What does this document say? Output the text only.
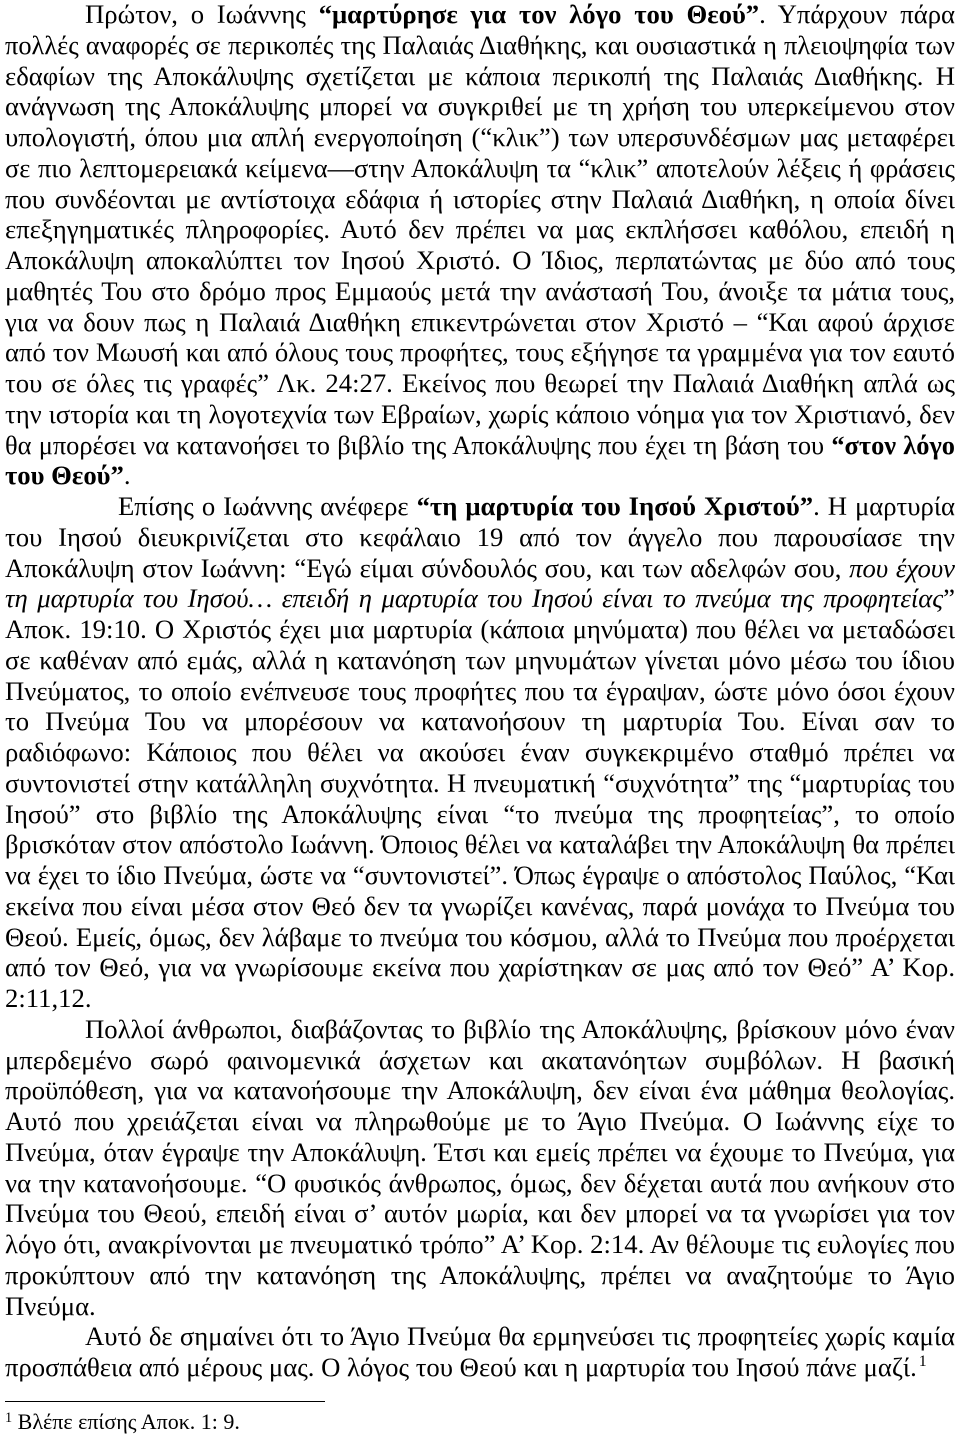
Πρώτον, ο Ιωάννης “μαρτύρησε για τον λόγο του Θεού”. Υπάρχουν πάρα
πολλές αναφορές σε περικοπές της Παλαιάς Διαθήκης, και ουσιαστικά η πλειοψηφία των
εδαφίων της Αποκάλυψης σχετίζεται με κάποια περικοπή της Παλαιάς Διαθήκης. Η
ανάγνωση της Αποκάλυψης μπορεί να συγκριθεί με τη χρήση του υπερκείμενου στον
υπολογιστή, όπου μια απλή ενεργοποίηση (“κλικ”) των υπερσυνδέσμων μας μεταφέρει
σε πιο λεπτομερειακά κείμενα—στην Αποκάλυψη τα “κλικ” αποτελούν λέξεις ή φράσεις
που συνδέονται με αντίστοιχα εδάφια ή ιστορίες στην Παλαιά Διαθήκη, η οποία δίνει
επεξηγηματικές πληροφορίες. Αυτό δεν πρέπει να μας εκπλήσσει καθόλου, επειδή η
Αποκάλυψη αποκαλύπτει τον Ιησού Χριστό. Ο Ίδιος, περπατώντας με δύο από τους
μαθητές Του στο δρόμο προς Εμμαούς μετά την ανάστασή Του, άνοιξε τα μάτια τους,
για να δουν πως η Παλαιά Διαθήκη επικεντρώνεται στον Χριστό – “Και αφού άρχισε
από τον Μωυσή και από όλους τους προφήτες, τους εξήγησε τα γραμμένα για τον εαυτό
του σε όλες τις γραφές” Λκ. 24:27. Εκείνος που θεωρεί την Παλαιά Διαθήκη απλά ως
την ιστορία και τη λογοτεχνία των Εβραίων, χωρίς κάποιο νόημα για τον Χριστιανό, δεν
θα μπορέσει να κατανοήσει το βιβλίο της Αποκάλυψης που έχει τη βάση του “στον λόγο
του Θεού”.
Επίσης ο Ιωάννης ανέφερε “τη μαρτυρία του Ιησού Χριστού”. Η μαρτυρία
του Ιησού διευκρινίζεται στο κεφάλαιο 19 από τον άγγελο που παρουσίασε την
Αποκάλυψη στον Ιωάννη: “Εγώ είμαι σύνδουλός σου, και των αδελφών σου, που έχουν
τη μαρτυρία του Ιησού… επειδή η μαρτυρία του Ιησού είναι το πνεύμα της προφητείας”
Αποκ. 19:10. Ο Χριστός έχει μια μαρτυρία (κάποια μηνύματα) που θέλει να μεταδώσει
σε καθέναν από εμάς, αλλά η κατανόηση των μηνυμάτων γίνεται μόνο μέσω του ίδιου
Πνεύματος, το οποίο ενέπνευσε τους προφήτες που τα έγραψαν, ώστε μόνο όσοι έχουν
το Πνεύμα Του να μπορέσουν να κατανοήσουν τη μαρτυρία Του. Είναι σαν το
ραδιόφωνο: Κάποιος που θέλει να ακούσει έναν συγκεκριμένο σταθμό πρέπει να
συντονιστεί στην κατάλληλη συχνότητα. Η πνευματική “συχνότητα” της “μαρτυρίας του
Ιησού” στο βιβλίο της Αποκάλυψης είναι “το πνεύμα της προφητείας”, το οποίο
βρισκόταν στον απόστολο Ιωάννη. Όποιος θέλει να καταλάβει την Αποκάλυψη θα πρέπει
να έχει το ίδιο Πνεύμα, ώστε να “συντονιστεί”. Όπως έγραψε ο απόστολος Παύλος, “Και
εκείνα που είναι μέσα στον Θεό δεν τα γνωρίζει κανένας, παρά μονάχα το Πνεύμα του
Θεού. Εμείς, όμως, δεν λάβαμε το πνεύμα του κόσμου, αλλά το Πνεύμα που προέρχεται
από τον Θεό, για να γνωρίσουμε εκείνα που χαρίστηκαν σε μας από τον Θεό” Α’ Κορ.
2:11,12.
Πολλοί άνθρωποι, διαβάζοντας το βιβλίο της Αποκάλυψης, βρίσκουν μόνο έναν
μπερδεμένο σωρό φαινομενικά άσχετων και ακατανόητων συμβόλων. Η βασική
προϋπόθεση, για να κατανοήσουμε την Αποκάλυψη, δεν είναι ένα μάθημα θεολογίας.
Αυτό που χρειάζεται είναι να πληρωθούμε με το Άγιο Πνεύμα. Ο Ιωάννης είχε το
Πνεύμα, όταν έγραψε την Αποκάλυψη. Έτσι και εμείς πρέπει να έχουμε το Πνεύμα, για
να την κατανοήσουμε. “Ο φυσικός άνθρωπος, όμως, δεν δέχεται αυτά που ανήκουν στο
Πνεύμα του Θεού, επειδή είναι σ’ αυτόν μωρία, και δεν μπορεί να τα γνωρίσει για τον
λόγο ότι, ανακρίνονται με πνευματικό τρόπο” Α’ Κορ. 2:14. Αν θέλουμε τις ευλογίες που
προκύπτουν από την κατανόηση της Αποκάλυψης, πρέπει να αναζητούμε το Άγιο
Πνεύμα.
Αυτό δε σημαίνει ότι το Άγιο Πνεύμα θα ερμηνεύσει τις προφητείες χωρίς καμία
προσπάθεια από μέρους μας. Ο λόγος του Θεού και η μαρτυρία του Ιησού πάνε μαζί. $^1$
$^1$ Βλέπε επίσης Αποκ. 1: 9.
